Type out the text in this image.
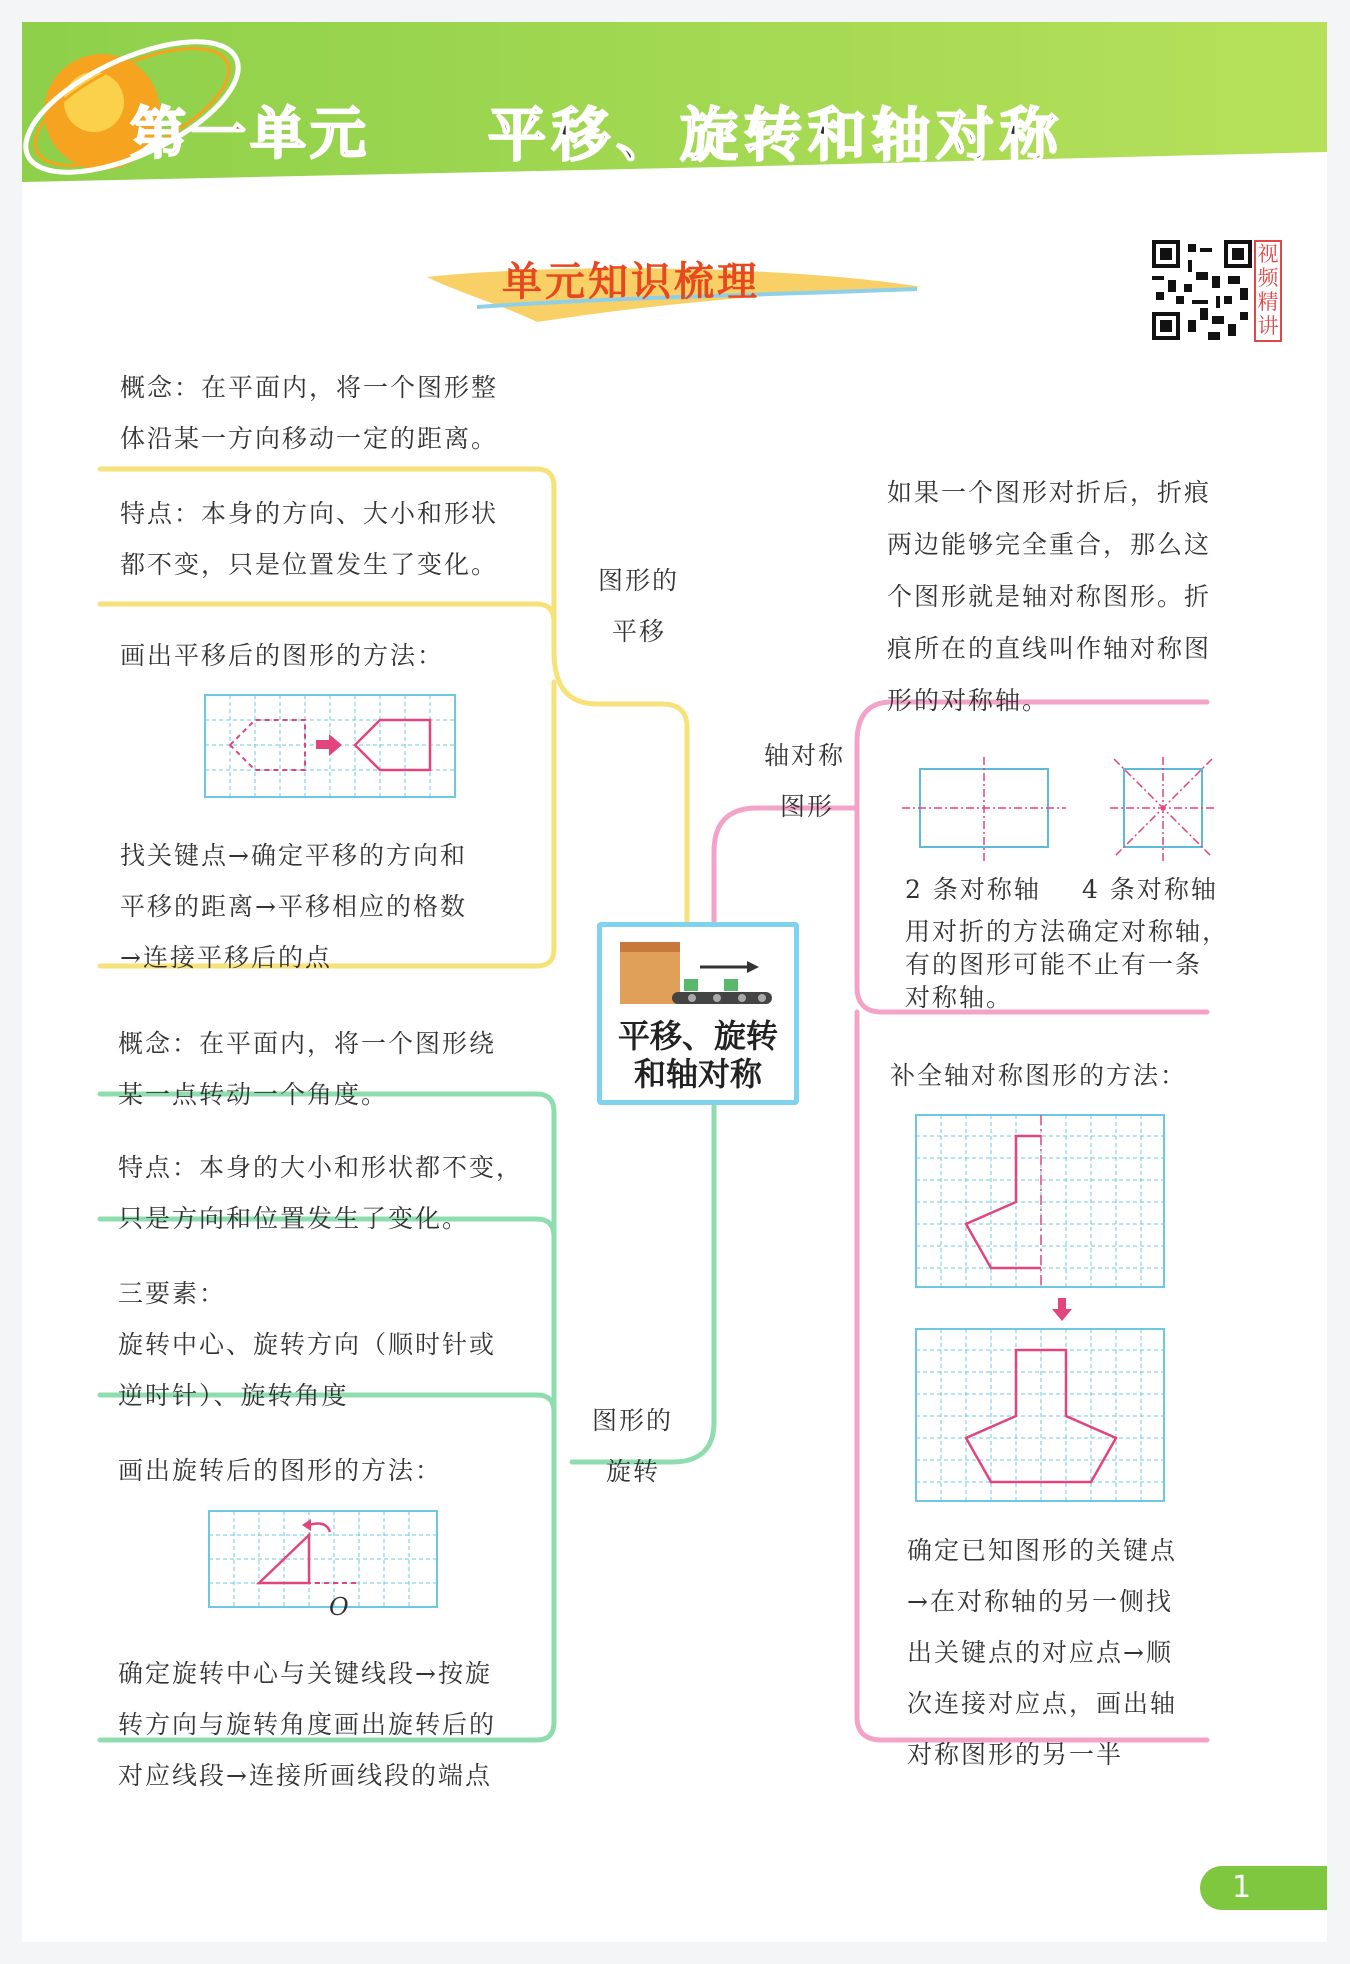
第一单元 平移、旋转和轴对称
单元知识梳理
视频精讲
平移、旋转
和轴对称
概念：在平面内，将一个图形整
体沿某一方向移动一定的距离。
特点：本身的方向、大小和形状
都不变，只是位置发生了变化。
图形的
平移
画出平移后的图形的方法：
找关键点→确定平移的方向和
平移的距离→平移相应的格数
→连接平移后的点
概念：在平面内，将一个图形绕
某一点转动一个角度。
特点：本身的大小和形状都不变，
只是方向和位置发生了变化。
三要素：
旋转中心、旋转方向（顺时针或
逆时针）、旋转角度
图形的
旋转
画出旋转后的图形的方法：
O
确定旋转中心与关键线段→按旋
转方向与旋转角度画出旋转后的
对应线段→连接所画线段的端点
如果一个图形对折后，折痕
两边能够完全重合，那么这
个图形就是轴对称图形。折
痕所在的直线叫作轴对称图
形的对称轴。
轴对称
图形
2 条对称轴 4 条对称轴
用对折的方法确定对称轴，
有的图形可能不止有一条
对称轴。
补全轴对称图形的方法：
确定已知图形的关键点
→在对称轴的另一侧找
出关键点的对应点→顺
次连接对应点，画出轴
对称图形的另一半
1
